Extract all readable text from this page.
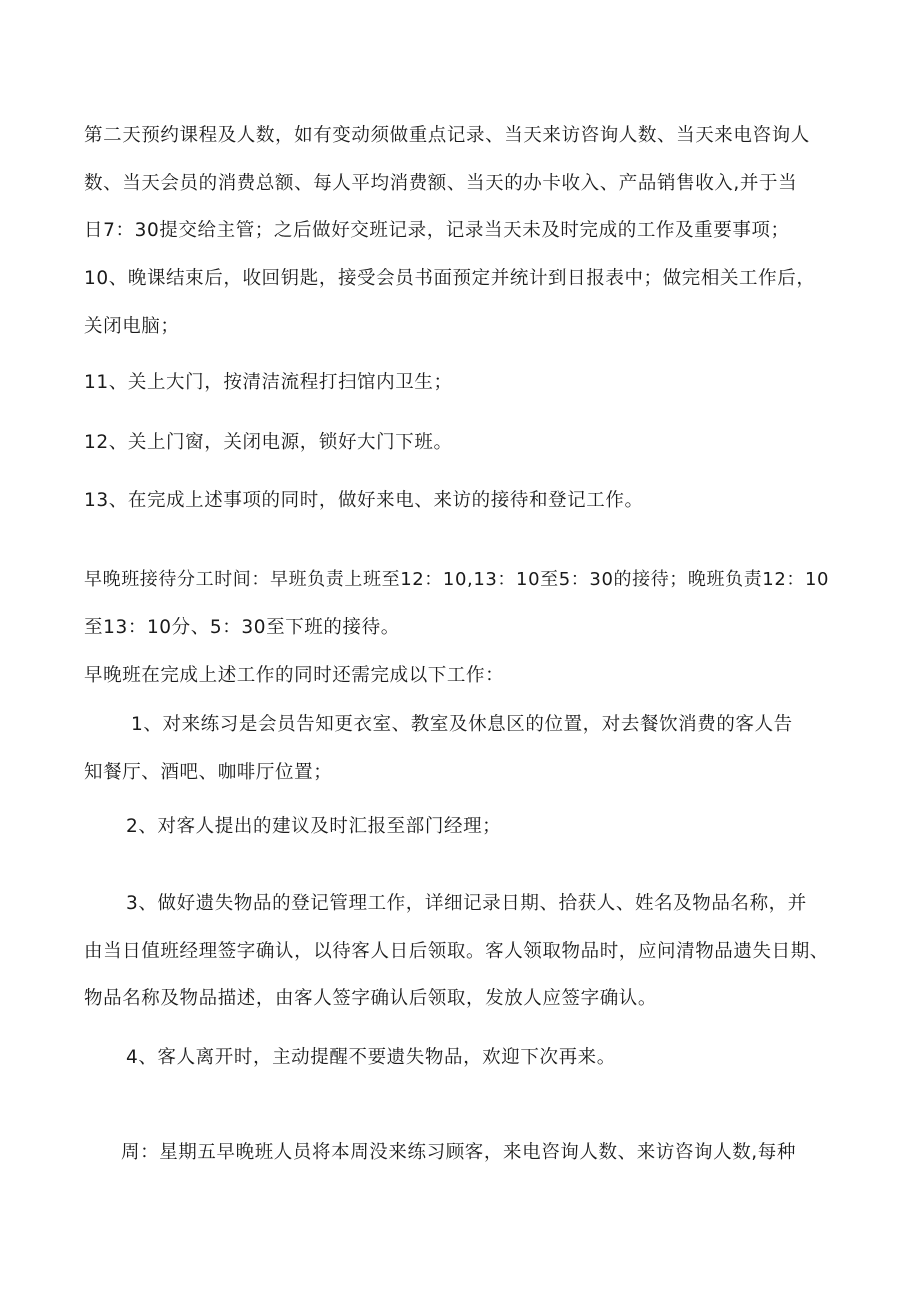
第二天预约课程及人数，如有变动须做重点记录、当天来访咨询人数、当天来电咨询人
数、当天会员的消费总额、每人平均消费额、当天的办卡收入、产品销售收入,并于当
日7：30提交给主管；之后做好交班记录，记录当天未及时完成的工作及重要事项；
10、晚课结束后，收回钥匙，接受会员书面预定并统计到日报表中；做完相关工作后，
关闭电脑；
11、关上大门，按清洁流程打扫馆内卫生；
12、关上门窗，关闭电源，锁好大门下班。
13、在完成上述事项的同时，做好来电、来访的接待和登记工作。
早晚班接待分工时间：早班负责上班至12：10,13：10至5：30的接待；晚班负责12：10
至13：10分、5：30至下班的接待。
早晚班在完成上述工作的同时还需完成以下工作：
1、对来练习是会员告知更衣室、教室及休息区的位置，对去餐饮消费的客人告
知餐厅、酒吧、咖啡厅位置；
2、对客人提出的建议及时汇报至部门经理；
3、做好遗失物品的登记管理工作，详细记录日期、拾获人、姓名及物品名称，并
由当日值班经理签字确认，以待客人日后领取。客人领取物品时，应问清物品遗失日期、
物品名称及物品描述，由客人签字确认后领取，发放人应签字确认。
4、客人离开时，主动提醒不要遗失物品，欢迎下次再来。
周：星期五早晚班人员将本周没来练习顾客，来电咨询人数、来访咨询人数,每种
